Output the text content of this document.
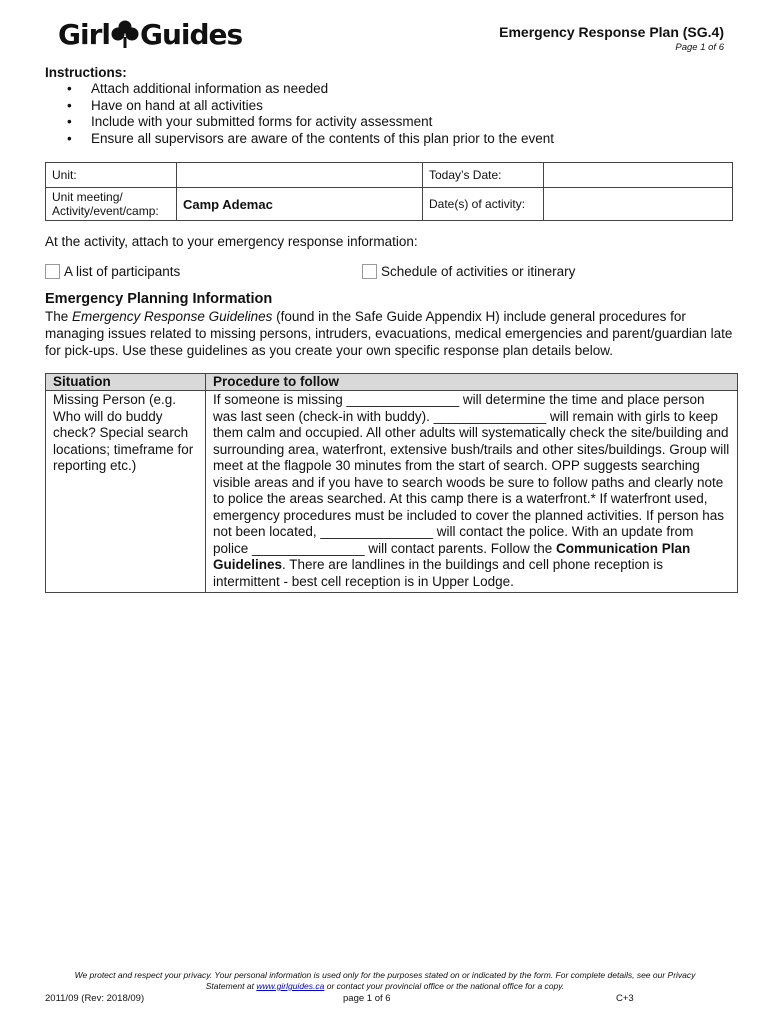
Girl Guides	Emergency Response Plan (SG.4)
Page 1 of 6
Instructions:
• Attach additional information as needed
• Have on hand at all activities
• Include with your submitted forms for activity assessment
• Ensure all supervisors are aware of the contents of this plan prior to the event
Unit:		Today’s Date:	

Unit meeting/
Activity/event/camp:	Camp Ademac	Date(s) of activity:	
At the activity, attach to your emergency response information:
A list of participants	Schedule of activities or itinerary
Emergency Planning Information
The Emergency Response Guidelines (found in the Safe Guide Appendix H) include general procedures for managing issues related to missing persons, intruders, evacuations, medical emergencies and parent/guardian late for pick-ups. Use these guidelines as you create your own specific response plan details below.
Situation	Procedure to follow
Missing Person (e.g. Who will do buddy check? Special search locations; timeframe for reporting etc.)	If someone is missing _______________ will determine the time and place person was last seen (check-in with buddy). _______________ will remain with girls to keep them calm and occupied. All other adults will systematically check the site/building and surrounding area, waterfront, extensive bush/trails and other sites/buildings. Group will meet at the flagpole 30 minutes from the start of search. OPP suggests searching visible areas and if you have to search woods be sure to follow paths and clearly note to police the areas searched. At this camp there is a waterfront.* If waterfront used, emergency procedures must be included to cover the planned activities. If person has not been located, _______________ will contact the police. With an update from police _______________ will contact parents. Follow the Communication Plan Guidelines. There are landlines in the buildings and cell phone reception is intermittent - best cell reception is in Upper Lodge.
We protect and respect your privacy. Your personal information is used only for the purposes stated on or indicated by the form. For complete details, see our Privacy
Statement at www.girlguides.ca or contact your provincial office or the national office for a copy.
2011/09 (Rev: 2018/09)	page 1 of 6	C+3
